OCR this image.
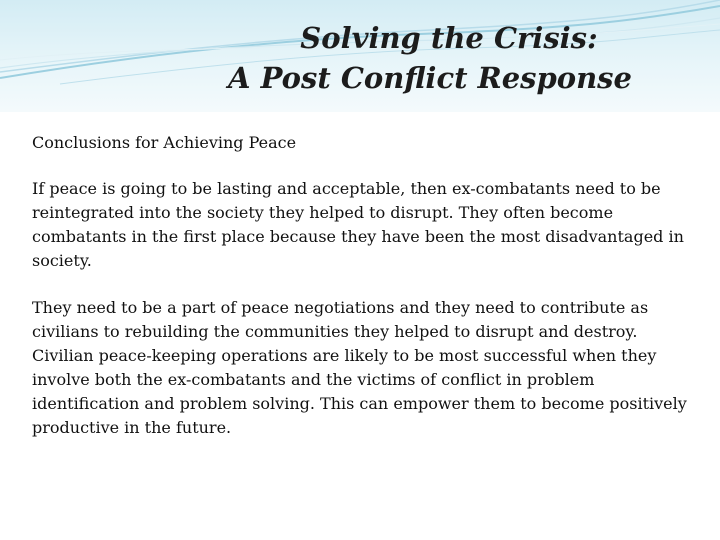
Solving the Crisis:
A Post Conflict Response

Conclusions for Achieving Peace

If peace is going to be lasting and acceptable, then ex-combatants need to be reintegrated into the society they helped to disrupt. They often become combatants in the first place because they have been the most disadvantaged in society.

They need to be a part of peace negotiations and they need to contribute as civilians to rebuilding the communities they helped to disrupt and destroy. Civilian peace-keeping operations are likely to be most successful when they involve both the ex-combatants and the victims of conflict in problem identification and problem solving. This can empower them to become positively productive in the future.
